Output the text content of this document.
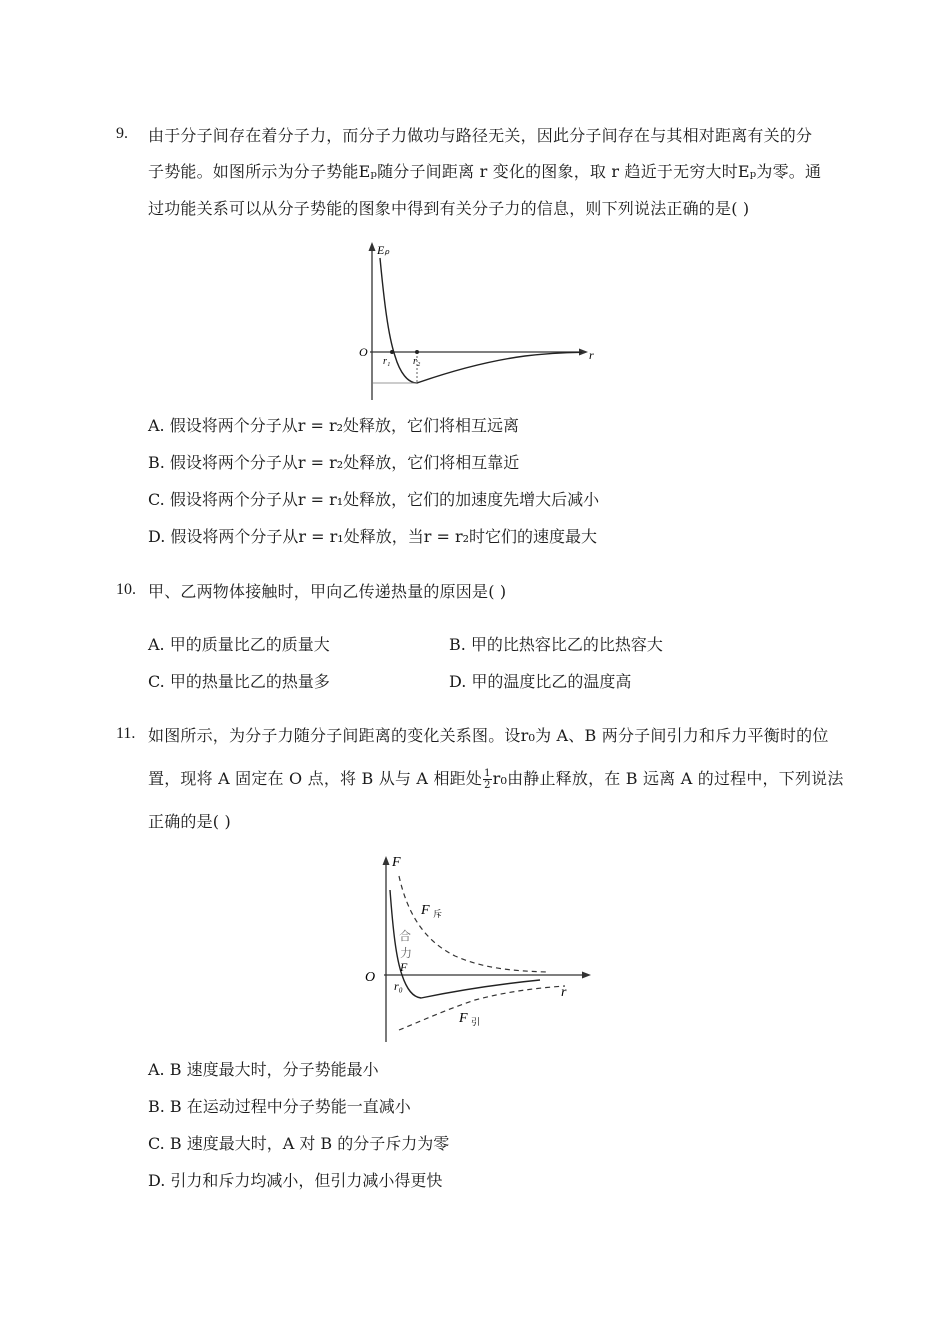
9. 由于分子间存在着分子力，而分子力做功与路径无关，因此分子间存在与其相对距离有关的分
子势能。如图所示为分子势能Eₚ随分子间距离 r 变化的图象，取 r 趋近于无穷大时Eₚ为零。通
过功能关系可以从分子势能的图象中得到有关分子力的信息，则下列说法正确的是( )
Eₚ
O
r₁ r₂	r
A. 假设将两个分子从r = r₂处释放，它们将相互远离
B. 假设将两个分子从r = r₂处释放，它们将相互靠近
C. 假设将两个分子从r = r₁处释放，它们的加速度先增大后减小
D. 假设将两个分子从r = r₁处释放，当r = r₂时它们的速度最大
10. 甲、乙两物体接触时，甲向乙传递热量的原因是( )
A. 甲的质量比乙的质量大	B. 甲的比热容比乙的比热容大
C. 甲的热量比乙的热量多	D. 甲的温度比乙的温度高
11. 如图所示，为分子力随分子间距离的变化关系图。设r₀为 A、B 两分子间引力和斥力平衡时的位
置，现将 A 固定在 O 点，将 B 从与 A 相距处 $\frac{1}{2} r_0$由静止释放，在 B 远离 A 的过程中，下列说法
正确的是( )
F
F 斥
合
力
F
O
r₀	r
F 引
A. B 速度最大时，分子势能最小
B. B 在运动过程中分子势能一直减小
C. B 速度最大时，A 对 B 的分子斥力为零
D. 引力和斥力均减小，但引力减小得更快
